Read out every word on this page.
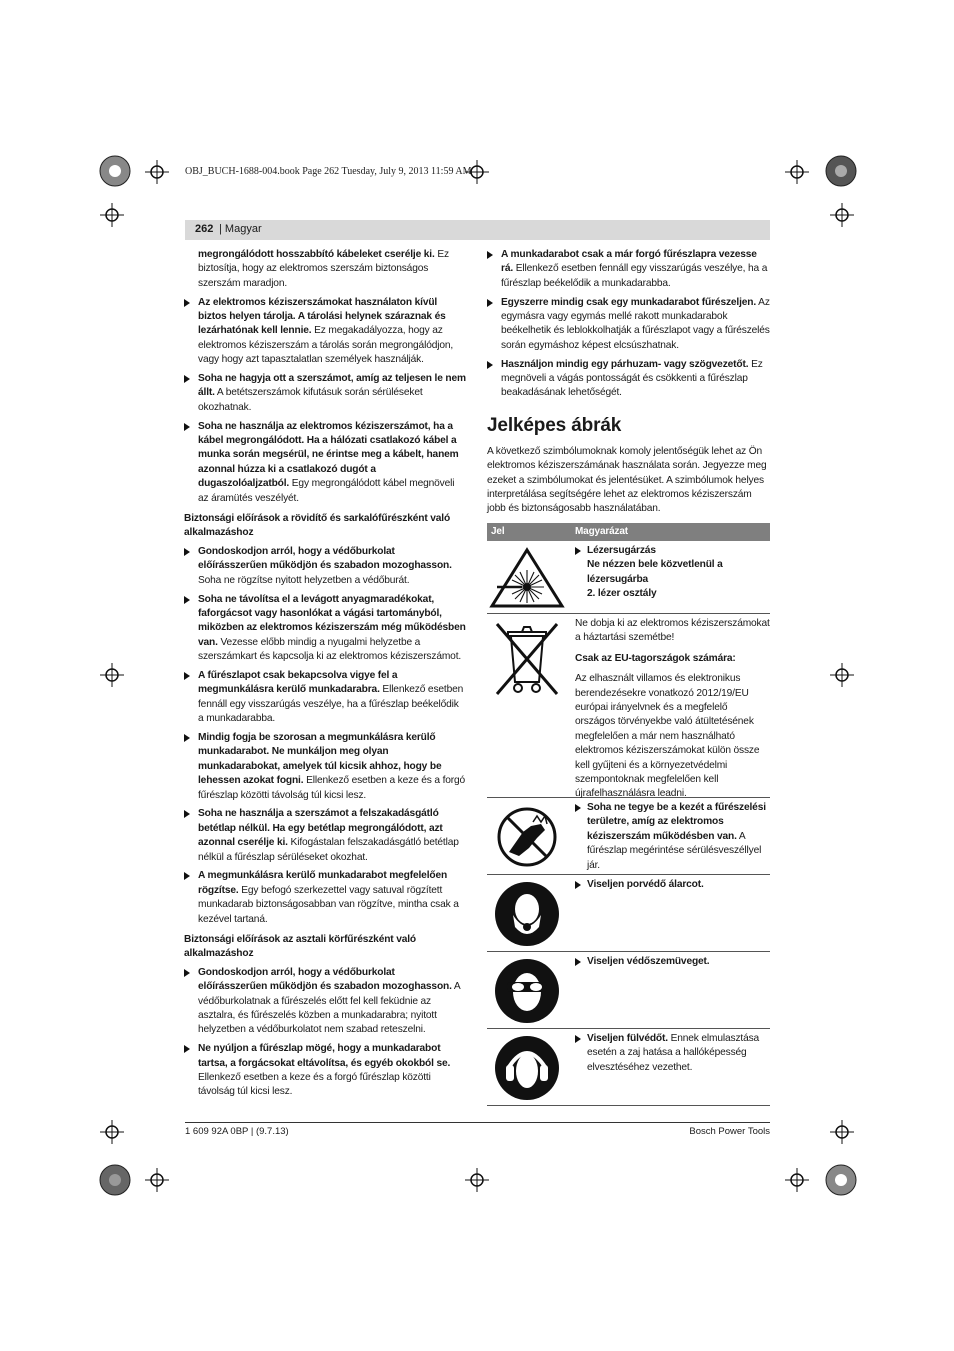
OBJ_BUCH-1688-004.book Page 262 Tuesday, July 9, 2013 11:59 AM
262 | Magyar
megrongálódott hosszabbító kábeleket cserélje ki. Ez biztosítja, hogy az elektromos szerszám biztonságos szerszám maradjon.
Az elektromos kéziszerszámokat használaton kívül biztos helyen tárolja. A tárolási helynek száraznak és lezárhatónak kell lennie. Ez megakadályozza, hogy az elektromos kéziszerszám a tárolás során megrongálódjon, vagy hogy azt tapasztalatlan személyek használják.
Soha ne hagyja ott a szerszámot, amíg az teljesen le nem állt. A betétszerszámok kifutásuk során sérüléseket okozhatnak.
Soha ne használja az elektromos kéziszerszámot, ha a kábel megrongálódott. Ha a hálózati csatlakozó kábel a munka során megsérül, ne érintse meg a kábelt, hanem azonnal húzza ki a csatlakozó dugót a dugaszolóaljzatból. Egy megrongálódott kábel megnöveli az áramütés veszélyét.
Biztonsági előírások a rövidítő és sarkalófűrészként való alkalmazáshoz
Gondoskodjon arról, hogy a védőburkolat előírásszerűen működjön és szabadon mozoghasson. Soha ne rögzítse nyitott helyzetben a védőburát.
Soha ne távolítsa el a levágott anyagmaradékokat, faforgácsot vagy hasonlókat a vágási tartományból, miközben az elektromos kéziszerszám még működésben van. Vezesse előbb mindig a nyugalmi helyzetbe a szerszámkart és kapcsolja ki az elektromos kéziszerszámot.
A fűrészlapot csak bekapcsolva vigye fel a megmunkálásra kerülő munkadarabra. Ellenkező esetben fennáll egy visszarúgás veszélye, ha a fűrészlap beékelődik a munkadarabba.
Mindig fogja be szorosan a megmunkálásra kerülő munkadarabot. Ne munkáljon meg olyan munkadarabokat, amelyek túl kicsik ahhoz, hogy be lehessen azokat fogni. Ellenkező esetben a keze és a forgó fűrészlap közötti távolság túl kicsi lesz.
Soha ne használja a szerszámot a felszakadásgátló betétlap nélkül. Ha egy betétlap megrongálódott, azt azonnal cserélje ki. Kifogástalan felszakadásgátló betétlap nélkül a fűrészlap sérüléseket okozhat.
A megmunkálásra kerülő munkadarabot megfelelően rögzítse. Egy befogó szerkezettel vagy satuval rögzített munkadarab biztonságosabban van rögzítve, mintha csak a kezével tartaná.
Biztonsági előírások az asztali körfűrészként való alkalmazáshoz
Gondoskodjon arról, hogy a védőburkolat előírásszerűen működjön és szabadon mozoghasson. A védőburkolatnak a fűrészelés előtt fel kell feküdnie az asztalra, és fűrészelés közben a munkadarabra; nyitott helyzetben a védőburkolatot nem szabad reteszelni.
Ne nyúljon a fűrészlap mögé, hogy a munkadarabot tartsa, a forgácsokat eltávolítsa, és egyéb okokból se. Ellenkező esetben a keze és a forgó fűrészlap közötti távolság túl kicsi lesz.
A munkadarabot csak a már forgó fűrészlapra vezesse rá. Ellenkező esetben fennáll egy visszarúgás veszélye, ha a fűrészlap beékelődik a munkadarabba.
Egyszerre mindig csak egy munkadarabot fűrészeljen. Az egymásra vagy egymás mellé rakott munkadarabok beékelhetik és leblokkolhatják a fűrészlapot vagy a fűrészelés során egymáshoz képest elcsúszhatnak.
Használjon mindig egy párhuzam- vagy szögvezetőt. Ez megnöveli a vágás pontosságát és csökkenti a fűrészlap beakadásának lehetőségét.
Jelképes ábrák
A következő szimbólumoknak komoly jelentőségük lehet az Ön elektromos kéziszerszámának használata során. Jegyezze meg ezeket a szimbólumokat és jelentésüket. A szimbólumok helyes interpretálása segítségére lehet az elektromos kéziszerszám jobb és biztonságosabb használatában.
Jel	Magyarázat
Lézersugárzás
Ne nézzen bele közvetlenül a lézersugárba
2. lézer osztály
Ne dobja ki az elektromos kéziszerszámokat a háztartási szemétbe!
Csak az EU-tagországok számára:
Az elhasznált villamos és elektronikus berendezésekre vonatkozó 2012/19/EU európai irányelvnek és a megfelelő országos törvényekbe való átültetésének megfelelően a már nem használható elektromos kéziszerszámokat külön össze kell gyűjteni és a környezetvédelmi szempontoknak megfelelően kell újrafelhasználásra leadni.
Soha ne tegye be a kezét a fűrészelési területre, amíg az elektromos kéziszerszám működésben van. A fűrészlap megérintése sérülésveszéllyel jár.
Viseljen porvédő álarcot.
Viseljen védőszemüveget.
Viseljen fülvédőt. Ennek elmulasztása esetén a zaj hatása a hallóképesség elvesztéséhez vezethet.
1 609 92A 0BP | (9.7.13)	Bosch Power Tools
